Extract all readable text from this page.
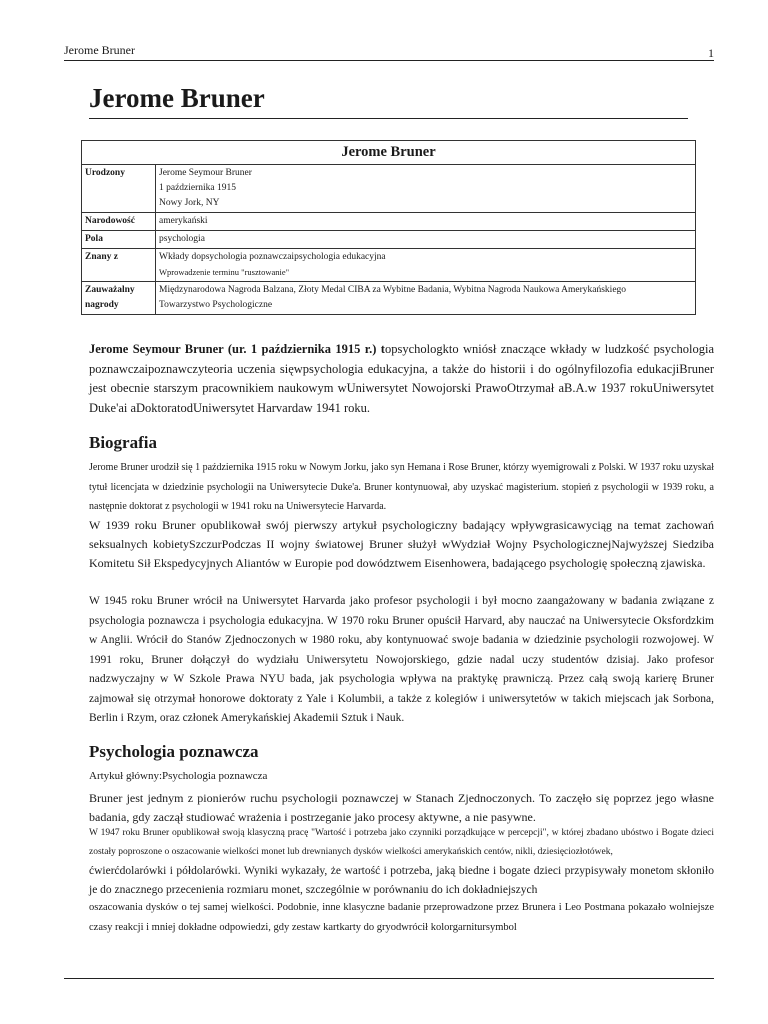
Jerome Bruner	1
Jerome Bruner
Jerome Bruner	
Urodzony	Jerome Seymour Bruner
1 października 1915
Nowy Jork, NY

Narodowość	amerykański

Pola	psychologia

Znany z	Wkłady dopsychologia poznawczaipsychologia edukacyjna
Wprowadzenie terminu "rusztowanie"

Zauważalny nagrody	Międzynarodowa Nagroda Balzana, Złoty Medal CIBA za Wybitne Badania, Wybitna Nagroda Naukowa Amerykańskiego
Towarzystwo Psychologiczne

Jerome Seymour Bruner (ur. 1 października 1915 r.) topsychologkto wniósł znaczące wkłady w ludzkość psychologia poznawczaipoznawczyteoria uczenia sięwpsychologia edukacyjna, a także do historii i do ogólnyfilozofia edukacjiBruner jest obecnie starszym pracownikiem naukowym wUniwersytet Nowojorski PrawoOtrzymał aB.A.w 1937 rokuUniwersytet Duke'ai aDoktoratodUniwersytet Harvardaw 1941 roku.

Biografia

Jerome Bruner urodził się 1 października 1915 roku w Nowym Jorku, jako syn Hemana i Rose Bruner, którzy wyemigrowali z Polski. W 1937 roku uzyskał tytuł licencjata w dziedzinie psychologii na Uniwersytecie Duke'a. Bruner kontynuował, aby uzyskać magisterium. stopień z psychologii w 1939 roku, a następnie doktorat z psychologii w 1941 roku na Uniwersytecie Harvarda.

W 1939 roku Bruner opublikował swój pierwszy artykuł psychologiczny badający wpływgrasicawyciąg na temat zachowań seksualnych kobietySzczurPodczas II wojny światowej Bruner służył wWydział Wojny PsychologicznejNajwyższej Siedziba Komitetu Sił Ekspedycyjnych Aliantów w Europie pod dowództwem Eisenhowera, badającego psychologię społeczną zjawiska.

W 1945 roku Bruner wrócił na Uniwersytet Harvarda jako profesor psychologii i był mocno zaangażowany w badania związane z psychologia poznawcza i psychologia edukacyjna. W 1970 roku Bruner opuścił Harvard, aby nauczać na Uniwersytecie Oksfordzkim w Anglii. Wrócił do Stanów Zjednoczonych w 1980 roku, aby kontynuować swoje badania w dziedzinie psychologii rozwojowej. W 1991 roku, Bruner dołączył do wydziału Uniwersytetu Nowojorskiego, gdzie nadal uczy studentów dzisiaj. Jako profesor nadzwyczajny w W Szkole Prawa NYU bada, jak psychologia wpływa na praktykę prawniczą. Przez całą swoją karierę Bruner zajmował się otrzymał honorowe doktoraty z Yale i Kolumbii, a także z kolegiów i uniwersytetów w takich miejscach jak Sorbona, Berlin i Rzym, oraz członek Amerykańskiej Akademii Sztuk i Nauk.

Psychologia poznawcza

Artykuł główny:Psychologia poznawcza

Bruner jest jednym z pionierów ruchu psychologii poznawczej w Stanach Zjednoczonych. To zaczęło się poprzez jego własne badania, gdy zaczął studiować wrażenia i postrzeganie jako procesy aktywne, a nie pasywne.

W 1947 roku Bruner opublikował swoją klasyczną pracę "Wartość i potrzeba jako czynniki porządkujące w percepcji", w której zbadano ubóstwo i Bogate dzieci zostały poproszone o oszacowanie wielkości monet lub drewnianych dysków wielkości amerykańskich centów, nikli, dziesięciozłotówek,

ćwierćdolarówki i półdolarówki. Wyniki wykazały, że wartość i potrzeba, jaką biedne i bogate dzieci przypisywały monetom skłoniło je do znacznego przecenienia rozmiaru monet, szczególnie w porównaniu do ich dokładniejszych

oszacowania dysków o tej samej wielkości. Podobnie, inne klasyczne badanie przeprowadzone przez Brunera i Leo Postmana pokazało wolniejsze czasy reakcji i mniej dokładne odpowiedzi, gdy zestaw kartkarty do gryodwrócił kolorgarnitursymbol
